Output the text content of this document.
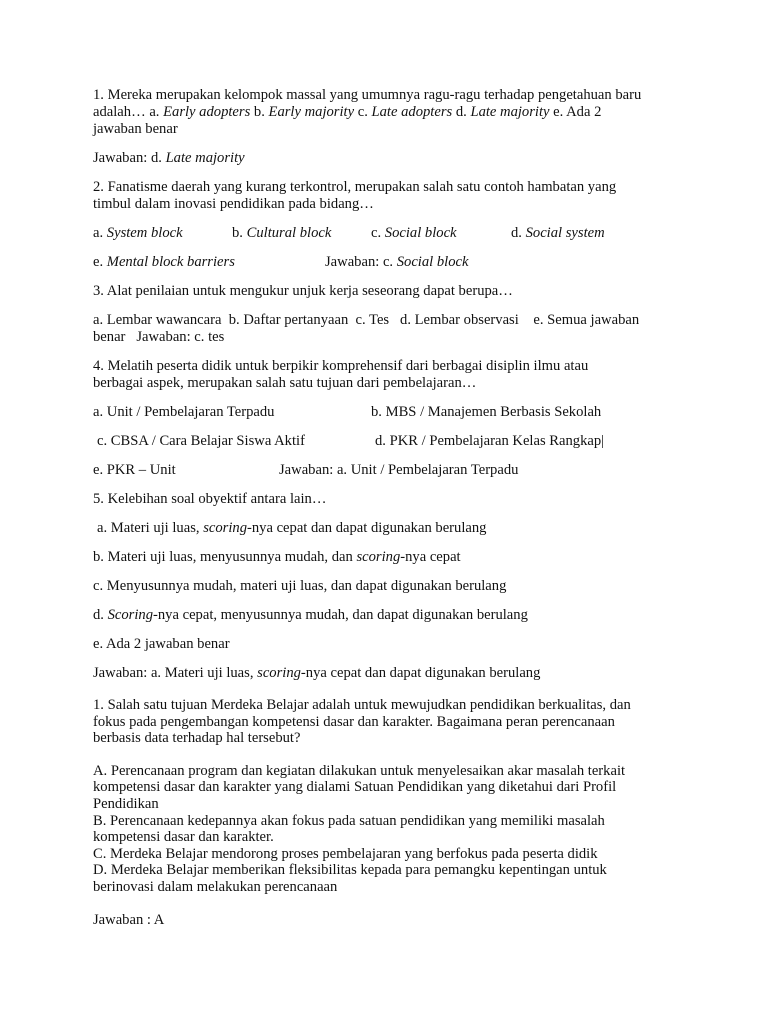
1. Mereka merupakan kelompok massal yang umumnya ragu-ragu terhadap pengetahuan baru

adalah… a. Early adopters b. Early majority c. Late adopters d. Late majority e. Ada 2

jawaban benar

Jawaban: d. Late majority

2. Fanatisme daerah yang kurang terkontrol, merupakan salah satu contoh hambatan yang

timbul dalam inovasi pendidikan pada bidang…

a. System block	b. Cultural block	c. Social block	d. Social system
e. Mental block barriers	Jawaban: c. Social block

3. Alat penilaian untuk mengukur unjuk kerja seseorang dapat berupa…

a. Lembar wawancara  b. Daftar pertanyaan  c. Tes   d. Lembar observasi    e. Semua jawaban

benar   Jawaban: c. tes

4. Melatih peserta didik untuk berpikir komprehensif dari berbagai disiplin ilmu atau

berbagai aspek, merupakan salah satu tujuan dari pembelajaran…

a. Unit / Pembelajaran Terpadu	b. MBS / Manajemen Berbasis Sekolah
c. CBSA / Cara Belajar Siswa Aktif	d. PKR / Pembelajaran Kelas Rangkap|
e. PKR – Unit	Jawaban: a. Unit / Pembelajaran Terpadu

5. Kelebihan soal obyektif antara lain…

a. Materi uji luas, scoring-nya cepat dan dapat digunakan berulang

b. Materi uji luas, menyusunnya mudah, dan scoring-nya cepat

c. Menyusunnya mudah, materi uji luas, dan dapat digunakan berulang

d. Scoring-nya cepat, menyusunnya mudah, dan dapat digunakan berulang

e. Ada 2 jawaban benar

Jawaban: a. Materi uji luas, scoring-nya cepat dan dapat digunakan berulang

1. Salah satu tujuan Merdeka Belajar adalah untuk mewujudkan pendidikan berkualitas, dan

fokus pada pengembangan kompetensi dasar dan karakter. Bagaimana peran perencanaan

berbasis data terhadap hal tersebut?

A. Perencanaan program dan kegiatan dilakukan untuk menyelesaikan akar masalah terkait

kompetensi dasar dan karakter yang dialami Satuan Pendidikan yang diketahui dari Profil

Pendidikan

B. Perencanaan kedepannya akan fokus pada satuan pendidikan yang memiliki masalah

kompetensi dasar dan karakter.

C. Merdeka Belajar mendorong proses pembelajaran yang berfokus pada peserta didik

D. Merdeka Belajar memberikan fleksibilitas kepada para pemangku kepentingan untuk

berinovasi dalam melakukan perencanaan

Jawaban : A
